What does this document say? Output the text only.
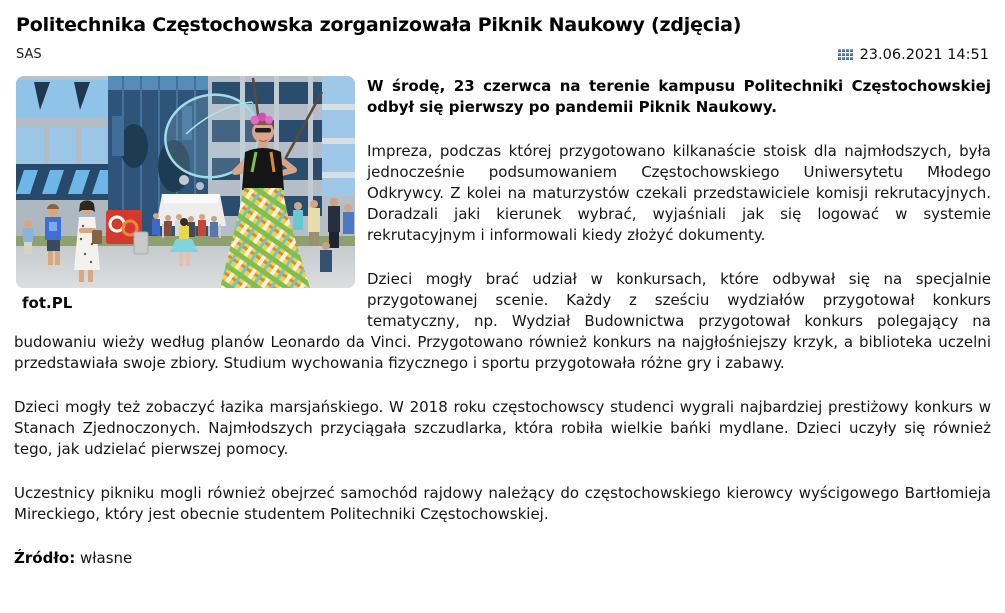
Politechnika Częstochowska zorganizowała Piknik Naukowy (zdjęcia)
SAS	23.06.2021 14:51
fot.PL

W środę, 23 czerwca na terenie kampusu Politechniki Częstochowskiej odbył się pierwszy po pandemii Piknik Naukowy.

Impreza, podczas której przygotowano kilkanaście stoisk dla najmłodszych, była jednocześnie podsumowaniem Częstochowskiego Uniwersytetu Młodego Odkrywcy. Z kolei na maturzystów czekali przedstawiciele komisji rekrutacyjnych. Doradzali jaki kierunek wybrać, wyjaśniali jak się logować w systemie rekrutacyjnym i informowali kiedy złożyć dokumenty.

Dzieci mogły brać udział w konkursach, które odbywał się na specjalnie przygotowanej scenie. Każdy z sześciu wydziałów przygotował konkurs tematyczny, np. Wydział Budownictwa przygotował konkurs polegający na budowaniu wieży według planów Leonardo da Vinci. Przygotowano również konkurs na najgłośniejszy krzyk, a biblioteka uczelni przedstawiała swoje zbiory. Studium wychowania fizycznego i sportu przygotowała różne gry i zabawy.

Dzieci mogły też zobaczyć łazika marsjańskiego. W 2018 roku częstochowscy studenci wygrali najbardziej prestiżowy konkurs w Stanach Zjednoczonych. Najmłodszych przyciągała szczudlarka, która robiła wielkie bańki mydlane. Dzieci uczyły się również tego, jak udzielać pierwszej pomocy.

Uczestnicy pikniku mogli również obejrzeć samochód rajdowy należący do częstochowskiego kierowcy wyścigowego Bartłomieja Mireckiego, który jest obecnie studentem Politechniki Częstochowskiej.

Źródło: własne
